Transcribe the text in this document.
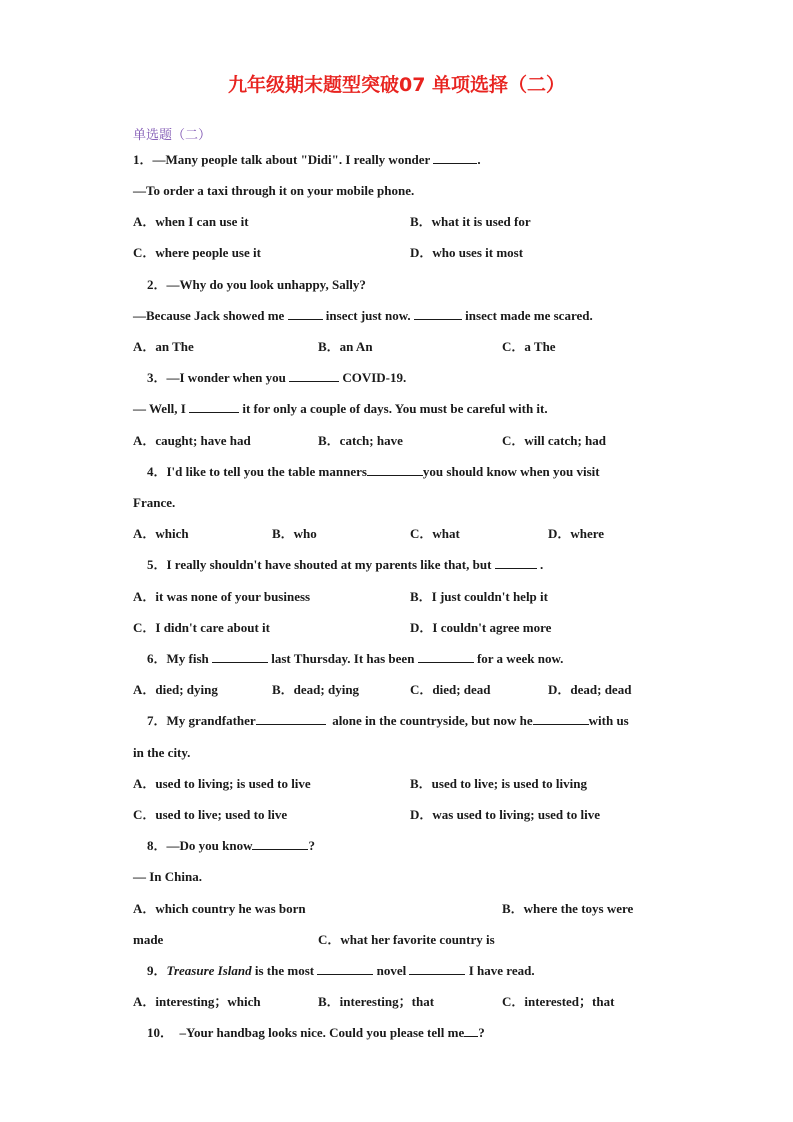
九年级期末题型突破07 单项选择（二）
单选题（二）
1．—Many people talk about "Didi". I really wonder	.
—To order a taxi through it on your mobile phone.
A．when I can use it	B．what it is used for
C．where people use it	D．who uses it most
2．—Why do you look unhappy, Sally?
—Because Jack showed me	insect just now.	insect made me scared.
A．an The	B．an An	C．a The
3．—I wonder when you	COVID-19.
— Well, I	it for only a couple of days. You must be careful with it.
A．caught; have had	B．catch; have	C．will catch; had
4．I'd like to tell you the table manners	you should know when you visit
France.
A．which	B．who	C．what	D．where
5．I really shouldn't have shouted at my parents like that, but	.
A．it was none of your business	B．I just couldn't help it
C．I didn't care about it	D．I couldn't agree more
6．My fish	last Thursday. It has been	for a week now.
A．died; dying	B．dead; dying	C．died; dead	D．dead; dead
7．My grandfather	alone in the countryside, but now he	with us
in the city.
A．used to living; is used to live	B．used to live; is used to living
C．used to live; used to live	D．was used to living; used to live
8．—Do you know	?
— In China.
A．which country he was born	B．where the toys were
made	C．what her favorite country is
9．Treasure Island is the most	novel	I have read.
A．interesting；which	B．interesting；that	C．interested；that
10．  –Your handbag looks nice. Could you please tell me ?
